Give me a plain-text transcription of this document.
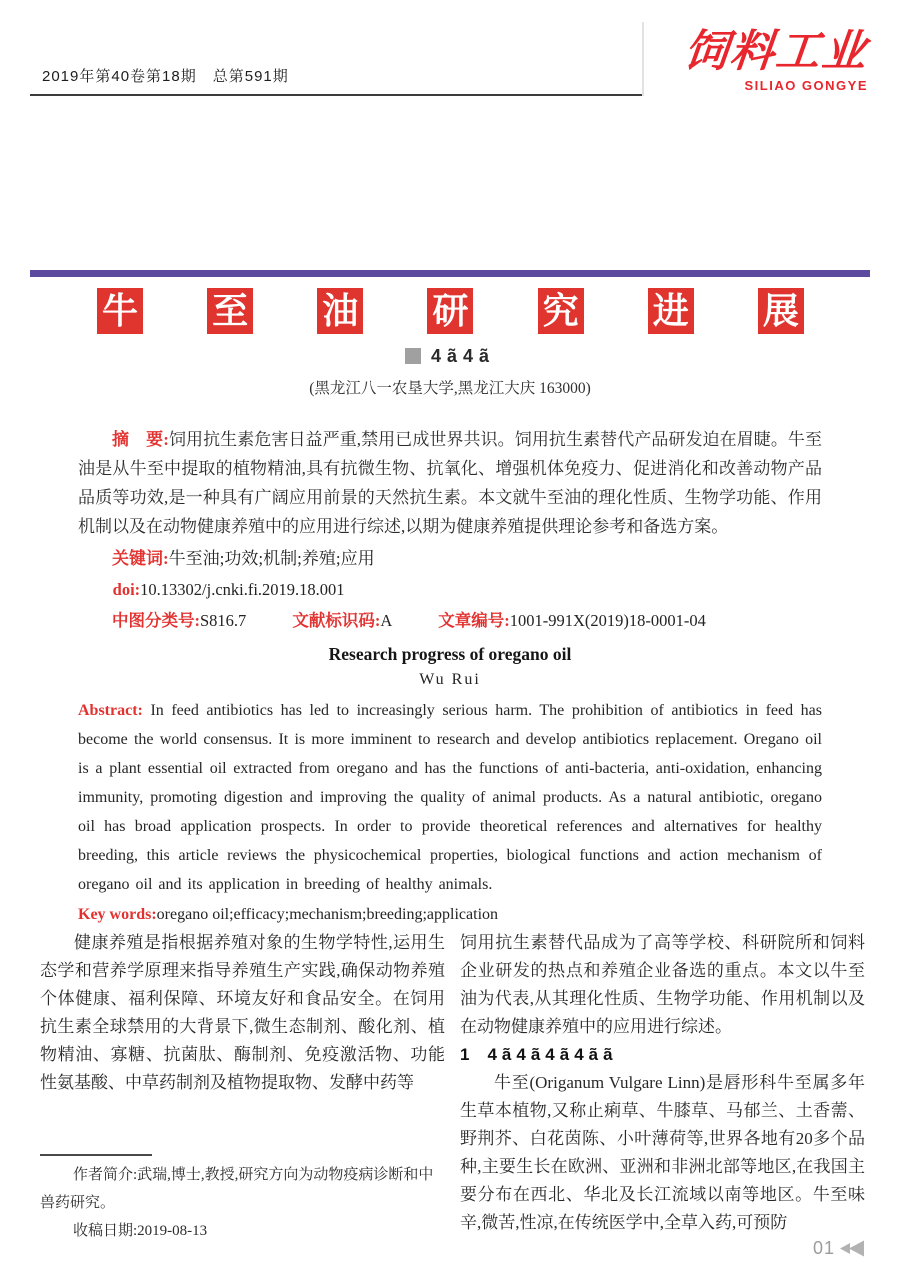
2019年第40卷第18期　总第591期	饲料工业
SILIAO GONGYE
牛 至 油 研 究 进 展
4ã4ã
(黑龙江八一农垦大学,黑龙江大庆 163000)

摘　要:饲用抗生素危害日益严重,禁用已成世界共识。饲用抗生素替代产品研发迫在眉睫。牛至油是从牛至中提取的植物精油,具有抗微生物、抗氧化、增强机体免疫力、促进消化和改善动物产品品质等功效,是一种具有广阔应用前景的天然抗生素。本文就牛至油的理化性质、生物学功能、作用机制以及在动物健康养殖中的应用进行综述,以期为健康养殖提供理论参考和备选方案。

关键词:牛至油;功效;机制;养殖;应用

doi:10.13302/j.cnki.fi.2019.18.001

中图分类号:S816.7	文献标识码:A	文章编号:1001-991X(2019)18-0001-04

Research progress of oregano oil
Wu Rui

Abstract: In feed antibiotics has led to increasingly serious harm. The prohibition of antibiotics in feed has become the world consensus. It is more imminent to research and develop antibiotics replacement. Oregano oil is a plant essential oil extracted from oregano and has the functions of anti-bacteria, anti-oxidation, enhancing immunity, promoting digestion and improving the quality of animal products. As a natural antibiotic, oregano oil has broad application prospects. In order to provide theoretical references and alternatives for healthy breeding, this article reviews the physicochemical properties, biological functions and action mechanism of oregano oil and its application in breeding of healthy animals.

Key words:oregano oil;efficacy;mechanism;breeding;application

健康养殖是指根据养殖对象的生物学特性,运用生态学和营养学原理来指导养殖生产实践,确保动物养殖个体健康、福利保障、环境友好和食品安全。在饲用抗生素全球禁用的大背景下,微生态制剂、酸化剂、植物精油、寡糖、抗菌肽、酶制剂、免疫激活物、功能性氨基酸、中草药制剂及植物提取物、发酵中药等

作者简介:武瑞,博士,教授,研究方向为动物疫病诊断和中兽药研究。

收稿日期:2019-08-13

饲用抗生素替代品成为了高等学校、科研院所和饲料企业研发的热点和养殖企业备选的重点。本文以牛至油为代表,从其理化性质、生物学功能、作用机制以及在动物健康养殖中的应用进行综述。

1 4ã4ã4ã4ãã

牛至(Origanum Vulgare Linn)是唇形科牛至属多年生草本植物,又称止痢草、牛膝草、马郁兰、土香薷、野荆芥、白花茵陈、小叶薄荷等,世界各地有20多个品种,主要生长在欧洲、亚洲和非洲北部等地区,在我国主要分布在西北、华北及长江流域以南等地区。牛至味辛,微苦,性凉,在传统医学中,全草入药,可预防

01
